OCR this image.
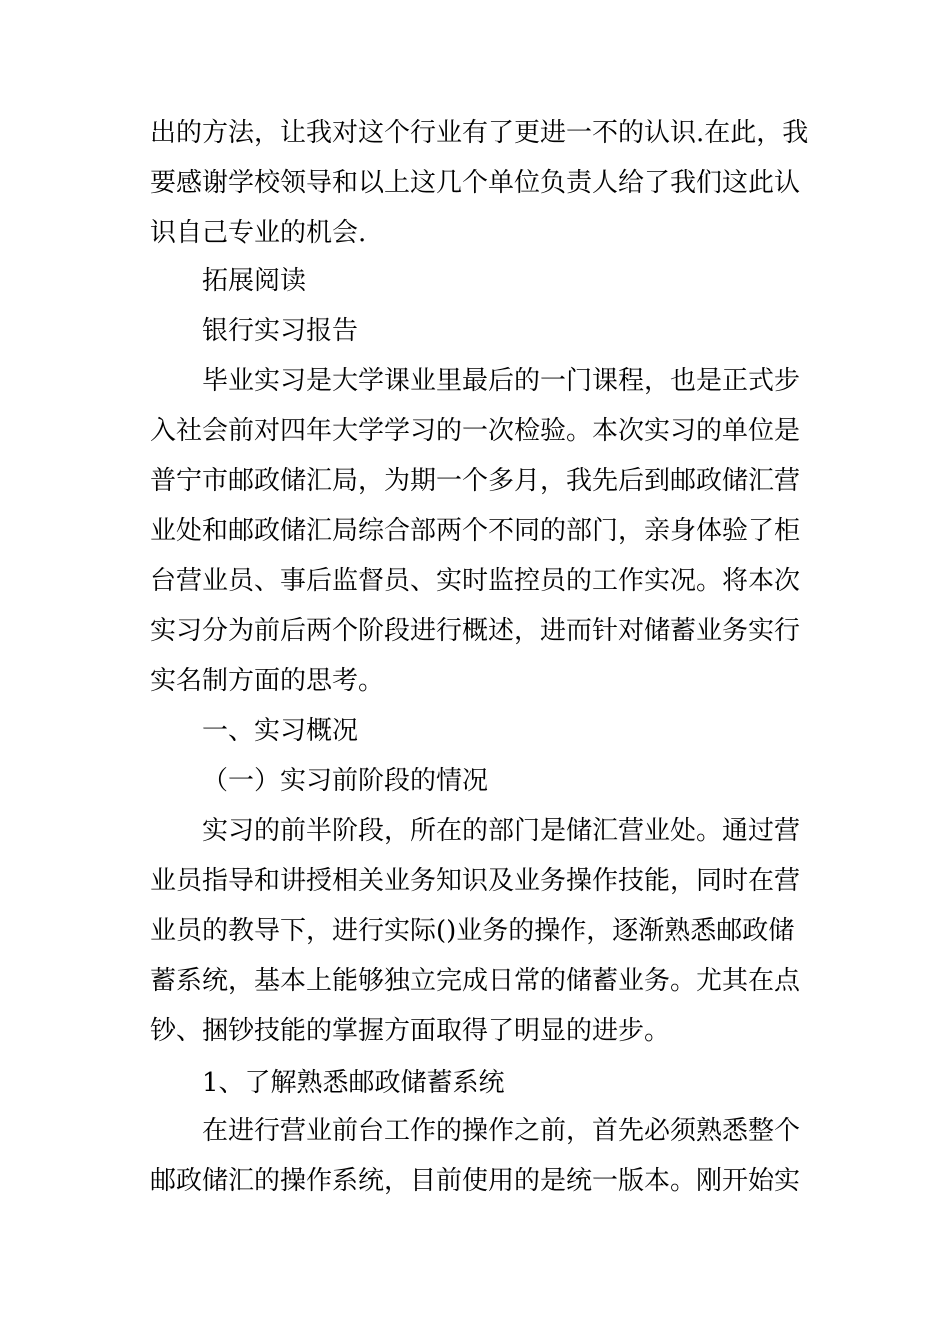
出的方法，让我对这个行业有了更进一不的认识.在此，我
要感谢学校领导和以上这几个单位负责人给了我们这此认
识自己专业的机会.
拓展阅读
银行实习报告
毕业实习是大学课业里最后的一门课程，也是正式步
入社会前对四年大学学习的一次检验。本次实习的单位是
普宁市邮政储汇局，为期一个多月，我先后到邮政储汇营
业处和邮政储汇局综合部两个不同的部门，亲身体验了柜
台营业员、事后监督员、实时监控员的工作实况。将本次
实习分为前后两个阶段进行概述，进而针对储蓄业务实行
实名制方面的思考。
一、实习概况
（一）实习前阶段的情况
实习的前半阶段，所在的部门是储汇营业处。通过营
业员指导和讲授相关业务知识及业务操作技能，同时在营
业员的教导下，进行实际()业务的操作，逐渐熟悉邮政储
蓄系统，基本上能够独立完成日常的储蓄业务。尤其在点
钞、捆钞技能的掌握方面取得了明显的进步。
1、了解熟悉邮政储蓄系统
在进行营业前台工作的操作之前，首先必须熟悉整个
邮政储汇的操作系统，目前使用的是统一版本。刚开始实
